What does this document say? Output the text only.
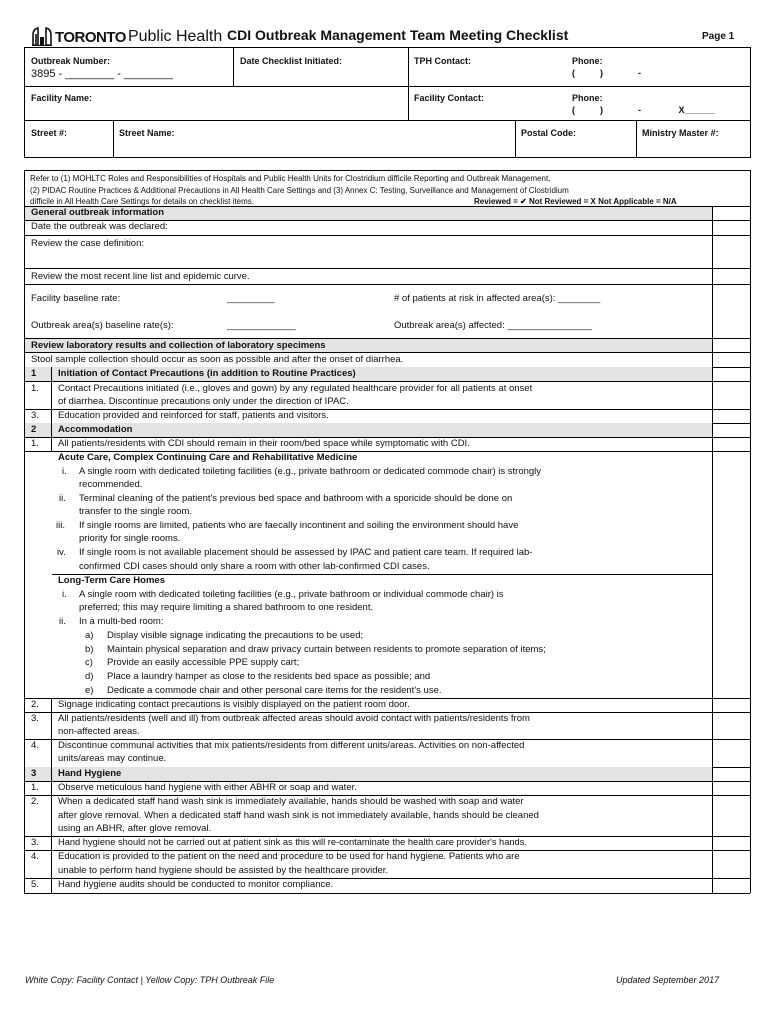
TORONTO Public Health CDI Outbreak Management Team Meeting Checklist	Page 1
Outbreak Number:
3895 - ________ - ________
Date Checklist Initiated:	TPH Contact:	Phone:
(          )              -
Facility Name:	Facility Contact:	Phone:
(          )              -               X______
Street #:	Street Name:	Postal Code:	Ministry Master #:
Refer to (1) MOHLTC Roles and Responsibilities of Hospitals and Public Health Units for Clostridium difficile Reporting and Outbreak Management,
(2) PIDAC Routine Practices & Additional Precautions in All Health Care Settings and (3) Annex C: Testing, Surveillance and Management of Clostridium
difficile in All Health Care Settings for details on checklist items.	Reviewed = ✔ Not Reviewed = X Not Applicable = N/A
General outbreak information
Date the outbreak was declared:
Review the case definition:
Review the most recent line list and epidemic curve.
Facility baseline rate:	_________	# of patients at risk in affected area(s): ________
Outbreak area(s) baseline rate(s):	_____________	Outbreak area(s) affected: ________________
Review laboratory results and collection of laboratory specimens
Stool sample collection should occur as soon as possible and after the onset of diarrhea.
1 Initiation of Contact Precautions (in addition to Routine Practices)
1. Contact Precautions initiated (i.e., gloves and gown) by any regulated healthcare provider for all patients at onset
of diarrhea. Discontinue precautions only under the direction of IPAC.
3. Education provided and reinforced for staff, patients and visitors.
2 Accommodation
1. All patients/residents with CDI should remain in their room/bed space while symptomatic with CDI.
Acute Care, Complex Continuing Care and Rehabilitative Medicine
i. A single room with dedicated toileting facilities (e.g., private bathroom or dedicated commode chair) is strongly
recommended.
ii. Terminal cleaning of the patient's previous bed space and bathroom with a sporicide should be done on
transfer to the single room.
iii. If single rooms are limited, patients who are faecally incontinent and soiling the environment should have
priority for single rooms.
iv. If single room is not available placement should be assessed by IPAC and patient care team. If required lab-
confirmed CDI cases should only share a room with other lab-confirmed CDI cases.
Long-Term Care Homes
i. A single room with dedicated toileting facilities (e.g., private bathroom or individual commode chair) is
preferred; this may require limiting a shared bathroom to one resident.
ii. In a multi-bed room:
a) Display visible signage indicating the precautions to be used;
b) Maintain physical separation and draw privacy curtain between residents to promote separation of items;
c) Provide an easily accessible PPE supply cart;
d) Place a laundry hamper as close to the residents bed space as possible; and
e) Dedicate a commode chair and other personal care items for the resident's use.
2. Signage indicating contact precautions is visibly displayed on the patient room door.
3. All patients/residents (well and ill) from outbreak affected areas should avoid contact with patients/residents from
non-affected areas.
4. Discontinue communal activities that mix patients/residents from different units/areas. Activities on non-affected
units/areas may continue.
3 Hand Hygiene
1. Observe meticulous hand hygiene with either ABHR or soap and water.
2. When a dedicated staff hand wash sink is immediately available, hands should be washed with soap and water
after glove removal. When a dedicated staff hand wash sink is not immediately available, hands should be cleaned
using an ABHR, after glove removal.
3. Hand hygiene should not be carried out at patient sink as this will re-contaminate the health care provider's hands.
4. Education is provided to the patient on the need and procedure to be used for hand hygiene. Patients who are
unable to perform hand hygiene should be assisted by the healthcare provider.
5. Hand hygiene audits should be conducted to monitor compliance.
White Copy: Facility Contact | Yellow Copy: TPH Outbreak File	Updated September 2017
